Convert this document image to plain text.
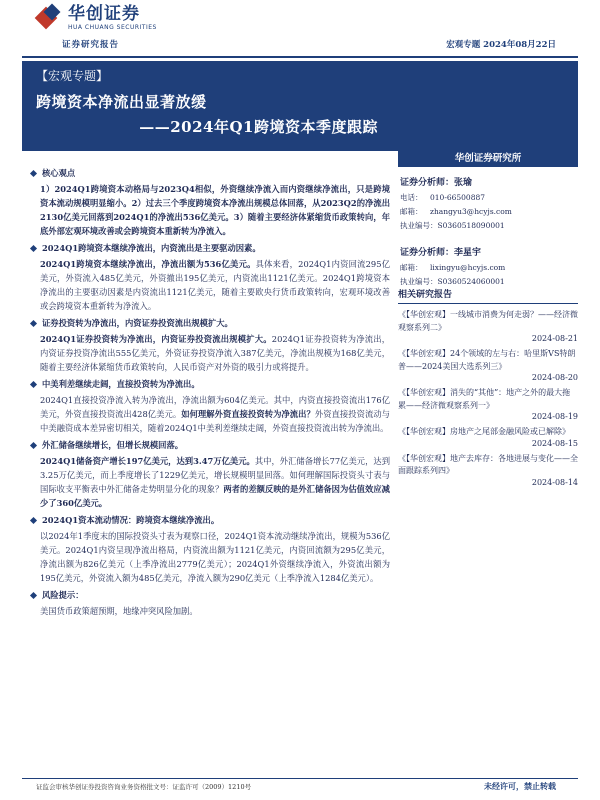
华创证券
HUA CHUANG SECURITIES
证券研究报告	宏观专题 2024年08月22日
【宏观专题】
跨境资本净流出显著放缓
——2024年Q1跨境资本季度跟踪
核心观点
1）2024Q1跨境资本动格局与2023Q4相似，外资继续净流入而内资继续净流出，只是跨境资本流动规模明显缩小。2）过去三个季度跨境资本净流出规模总体回落，从2023Q2的净流出2130亿美元回落到2024Q1的净流出536亿美元。3）随着主要经济体紧缩货币政策转向，年底外部宏观环境改善或会跨境资本重新转为净流入。
2024Q1跨境资本继续净流出，内资流出是主要驱动因素。
2024Q1跨境资本继续净流出，净流出额为536亿美元。具体来看，2024Q1内资回流295亿美元，外资流入485亿美元，外资撤出195亿美元，内资流出1121亿美元。2024Q1跨境资本净流出的主要驱动因素是内资流出1121亿美元，随着主要欧央行货币政策转向，宏观环境改善或会跨境资本重新转为净流入。
证券投资转为净流出，内资证券投资流出规模扩大。
2024Q1证券投资转为净流出，内资证券投资流出规模扩大。2024Q1证券投资转为净流出，内资证券投资净流出555亿美元，外资证券投资净流入387亿美元，净流出规模为168亿美元，随着主要经济体紧缩货币政策转向，人民币资产对外资的吸引力或将提升。
中美利差继续走阔，直接投资转为净流出。
2024Q1直接投资净流入转为净流出，净流出额为604亿美元。其中，内资直接投资流出176亿美元，外资直接投资流出428亿美元。如何理解外资直接投资转为净流出？外资直接投资流动与中美融资成本差异密切相关，随着2024Q1中美利差继续走阔，外资直接投资流出转为净流出。
外汇储备继续增长，但增长规模回落。
2024Q1储备资产增长197亿美元，达到3.47万亿美元。其中，外汇储备增长77亿美元，达到3.25万亿美元，而上季度增长了1229亿美元，增长规模明显回落。如何理解国际投资头寸表与国际收支平衡表中外汇储备走势明显分化的现象？两者的差额反映的是外汇储备因为估值效应减少了360亿美元。
2024Q1资本流动情况：跨境资本继续净流出。
以2024年1季度末的国际投资头寸表为观察口径，2024Q1资本流动继续净流出，规模为536亿美元。2024Q1内资呈现净流出格局，内资流出额为1121亿美元，内资回流额为295亿美元，净流出额为826亿美元（上季净流出2779亿美元）；2024Q1外资继续净流入，外资流出额为195亿美元，外资流入额为485亿美元，净流入额为290亿美元（上季净流入1284亿美元）。
风险提示：
美国货币政策超预期，地缘冲突风险加剧。
华创证券研究所
证券分析师：张瑜
电话： 010-66500887
邮箱： zhangyu3@hcyjs.com
执业编号：S0360518090001
证券分析师：李星宇
邮箱： lixingyu@hcyjs.com
执业编号：S0360524060001
相关研究报告
《【华创宏观】一线城市消费为何走弱？——经济微观察系列二》
2024-08-21
《【华创宏观】24个领域的左与右：哈里斯VS特朗普——2024美国大选系列三》
2024-08-20
《【华创宏观】消失的“其他”：地产之外的最大拖累——经济微观察系列一》
2024-08-19
《【华创宏观】房地产之尾部金融风险或已解除》
2024-08-15
《【华创宏观】地产去库存：各地进展与变化——全面跟踪系列四》
2024-08-14
证监会审核华创证券投资咨询业务资格批文号：证监许可（2009）1210号	未经许可，禁止转载
